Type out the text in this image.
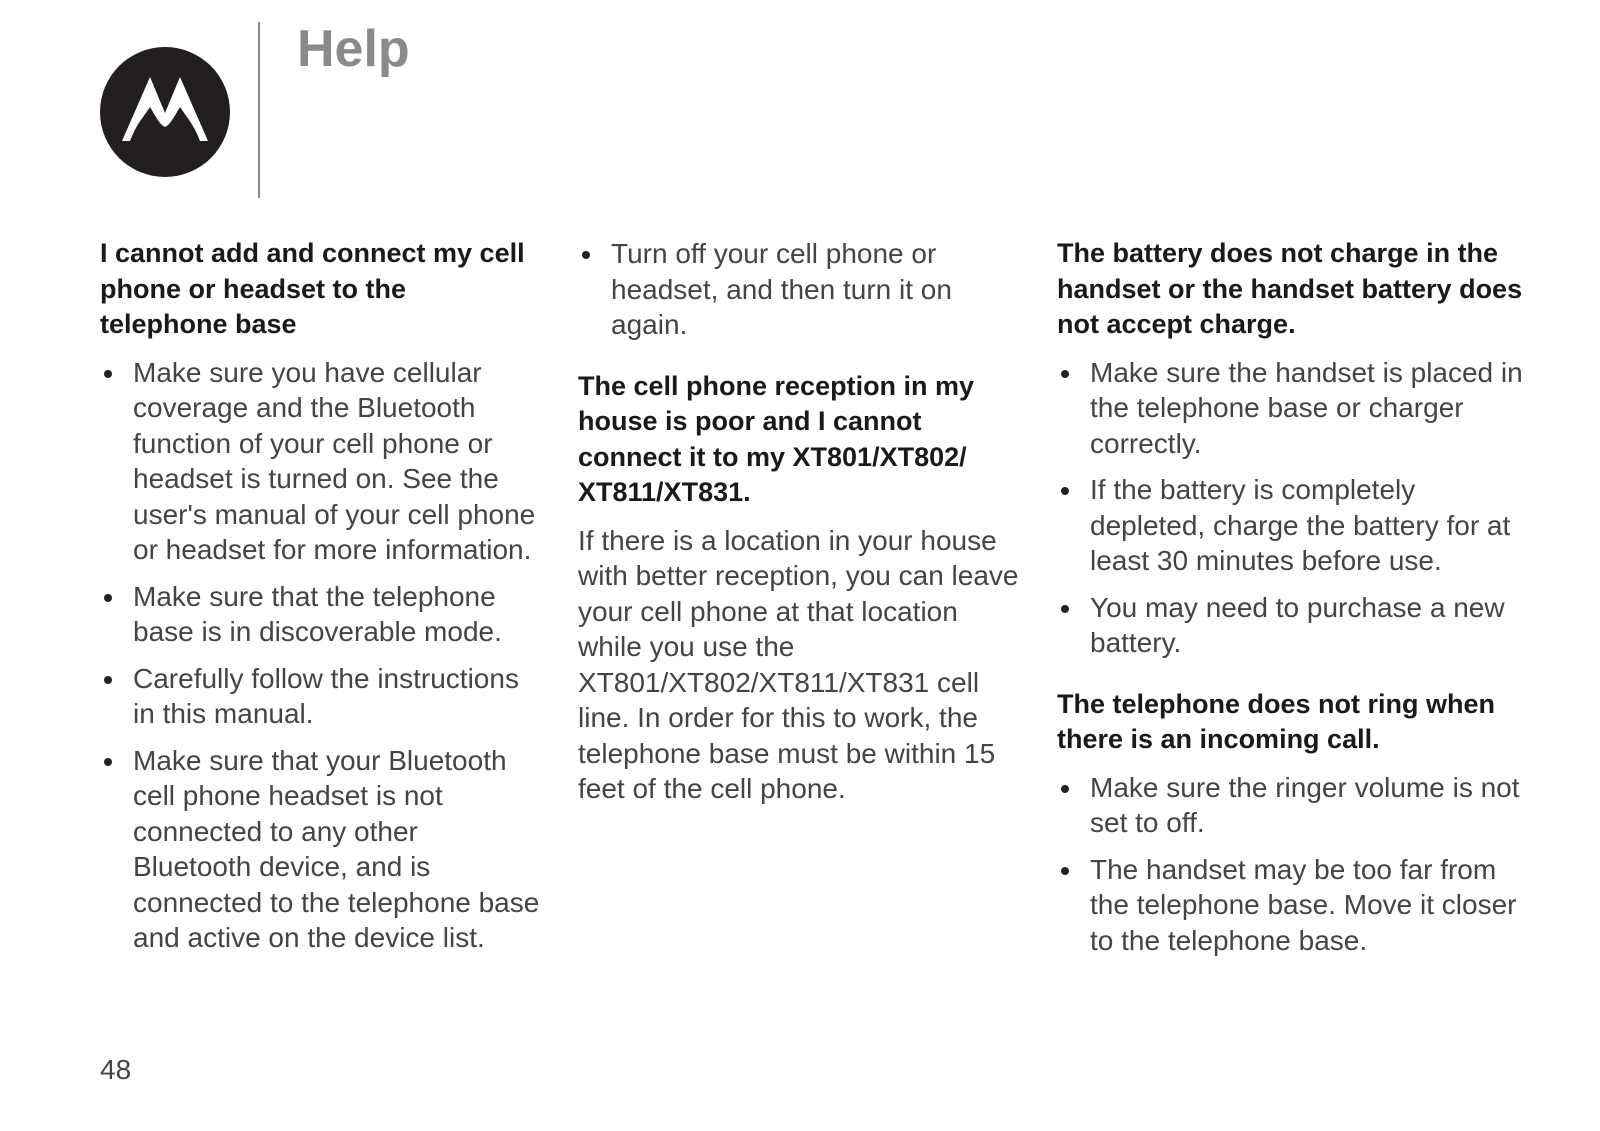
Help
I cannot add and connect my cell phone or headset to the telephone base
Make sure you have cellular coverage and the Bluetooth function of your cell phone or headset is turned on. See the user's manual of your cell phone or headset for more information.
Make sure that the telephone base is in discoverable mode.
Carefully follow the instructions in this manual.
Make sure that your Bluetooth cell phone headset is not connected to any other Bluetooth device, and is connected to the telephone base and active on the device list.
Turn off your cell phone or headset, and then turn it on again.
The cell phone reception in my house is poor and I cannot connect it to my XT801/XT802/ XT811/XT831.

If there is a location in your house with better reception, you can leave your cell phone at that location while you use the XT801/XT802/XT811/XT831 cell line. In order for this to work, the telephone base must be within 15 feet of the cell phone.

The battery does not charge in the handset or the handset battery does not accept charge.
Make sure the handset is placed in the telephone base or charger correctly.
If the battery is completely depleted, charge the battery for at least 30 minutes before use.
You may need to purchase a new battery.
The telephone does not ring when there is an incoming call.
Make sure the ringer volume is not set to off.
The handset may be too far from the telephone base. Move it closer to the telephone base.
48
